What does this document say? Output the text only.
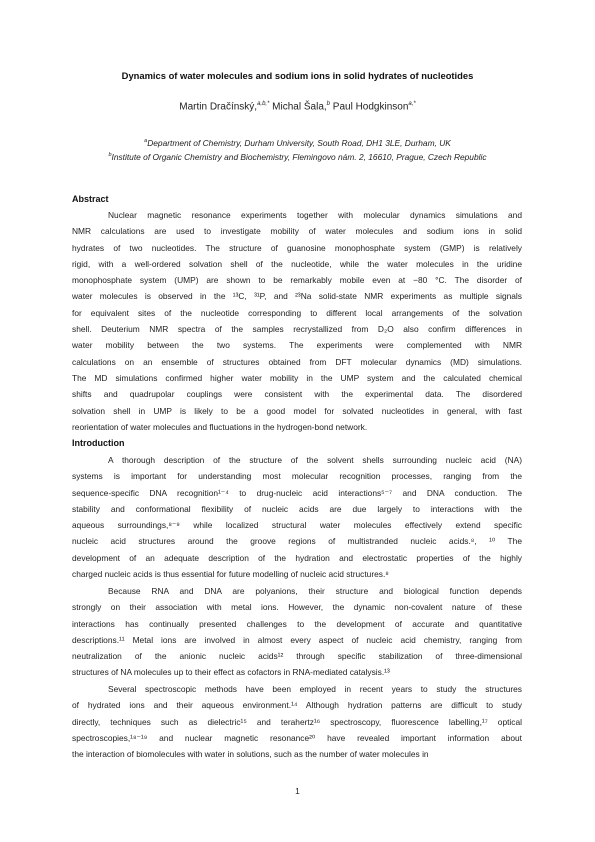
Dynamics of water molecules and sodium ions in solid hydrates of nucleotides
Martin Dračínský,$^{a,b,*}$ Michal Šala,$^b$ Paul Hodgkinson$^{a,*}$
$^a$Department of Chemistry, Durham University, South Road, DH1 3LE, Durham, UK
$^b$Institute of Organic Chemistry and Biochemistry, Flemingovo nám. 2, 16610, Prague, Czech Republic
Abstract
Nuclear magnetic resonance experiments together with molecular dynamics simulations and
NMR calculations are used to investigate mobility of water molecules and sodium ions in solid
hydrates of two nucleotides. The structure of guanosine monophosphate system (GMP) is relatively
rigid, with a well-ordered solvation shell of the nucleotide, while the water molecules in the uridine
monophosphate system (UMP) are shown to be remarkably mobile even at −80 °C. The disorder of
water molecules is observed in the ¹³C, ³¹P, and ²³Na solid-state NMR experiments as multiple signals
for equivalent sites of the nucleotide corresponding to different local arrangements of the solvation
shell. Deuterium NMR spectra of the samples recrystallized from D₂O also confirm differences in
water mobility between the two systems. The experiments were complemented with NMR
calculations on an ensemble of structures obtained from DFT molecular dynamics (MD) simulations.
The MD simulations confirmed higher water mobility in the UMP system and the calculated chemical
shifts and quadrupolar couplings were consistent with the experimental data. The disordered
solvation shell in UMP is likely to be a good model for solvated nucleotides in general, with fast
reorientation of water molecules and fluctuations in the hydrogen-bond network.
Introduction
A thorough description of the structure of the solvent shells surrounding nucleic acid (NA)
systems is important for understanding most molecular recognition processes, ranging from the
sequence-specific DNA recognition¹⁻⁴ to drug-nucleic acid interactions⁵⁻⁷ and DNA conduction. The
stability and conformational flexibility of nucleic acids are due largely to interactions with the
aqueous surroundings,⁸⁻⁹ while localized structural water molecules effectively extend specific
nucleic acid structures around the groove regions of multistranded nucleic acids.⁸, ¹⁰ The
development of an adequate description of the hydration and electrostatic properties of the highly
charged nucleic acids is thus essential for future modelling of nucleic acid structures.⁸
Because RNA and DNA are polyanions, their structure and biological function depends
strongly on their association with metal ions. However, the dynamic non-covalent nature of these
interactions has continually presented challenges to the development of accurate and quantitative
descriptions.¹¹ Metal ions are involved in almost every aspect of nucleic acid chemistry, ranging from
neutralization of the anionic nucleic acids¹² through specific stabilization of three-dimensional
structures of NA molecules up to their effect as cofactors in RNA-mediated catalysis.¹³
Several spectroscopic methods have been employed in recent years to study the structures
of hydrated ions and their aqueous environment.¹⁴ Although hydration patterns are difficult to study
directly, techniques such as dielectric¹⁵ and terahertz¹⁶ spectroscopy, fluorescence labelling,¹⁷ optical
spectroscopies,¹⁸⁻¹⁹ and nuclear magnetic resonance²⁰ have revealed important information about
the interaction of biomolecules with water in solutions, such as the number of water molecules in
1
